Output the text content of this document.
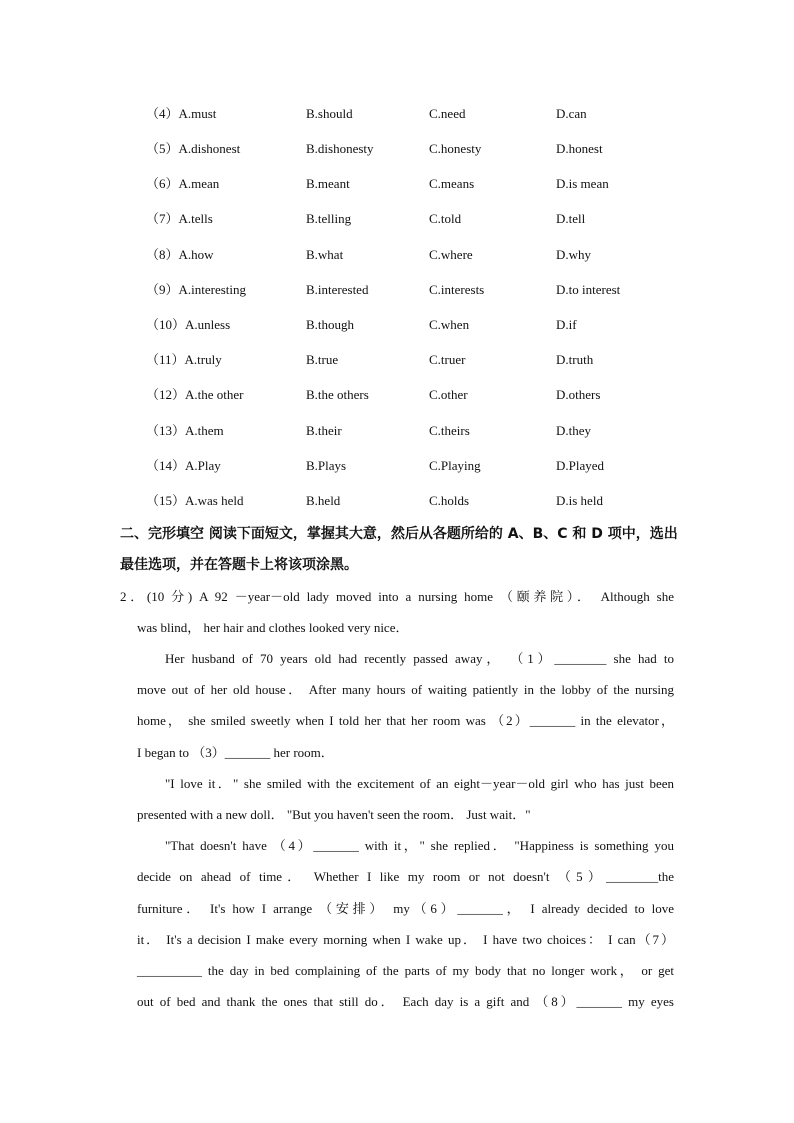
（4）A.must	B.should	C.need	D.can
（5）A.dishonest	B.dishonesty	C.honesty	D.honest
（6）A.mean	B.meant	C.means	D.is mean
（7）A.tells	B.telling	C.told	D.tell
（8）A.how	B.what	C.where	D.why
（9）A.interesting	B.interested	C.interests	D.to interest
（10）A.unless	B.though	C.when	D.if
（11）A.truly	B.true	C.truer	D.truth
（12）A.the other	B.the others	C.other	D.others
（13）A.them	B.their	C.theirs	D.they
（14）A.Play	B.Plays	C.Playing	D.Played
（15）A.was held	B.held	C.holds	D.is held
二、完形填空 阅读下面短文，掌握其大意，然后从各题所给的 A、B、C 和 D 项中，选出最佳选项，并在答题卡上将该项涂黑。
2．(10 分) A 92 －year－old lady moved into a nursing home （颐养院）． Although she
was blind， her hair and clothes looked very nice．
Her husband of 70 years old had recently passed away， （1）________ she had to
move out of her old house． After many hours of waiting patiently in the lobby of the nursing
home， she smiled sweetly when I told her that her room was （2）_______ in the elevator，
I began to （3）_______ her room．
"I love it．" she smiled with the excitement of an eight－year－old girl who has just been
presented with a new doll． "But you haven't seen the room． Just wait．"
"That doesn't have （4）_______ with it，" she replied． "Happiness is something you
decide on ahead of time． Whether I like my room or not doesn't （5）________the
furniture． It's how I arrange （安排） my（6）_______， I already decided to love
it． It's a decision I make every morning when I wake up． I have two choices： I can（7）
__________ the day in bed complaining of the parts of my body that no longer work， or get
out of bed and thank the ones that still do． Each day is a gift and （8）_______ my eyes
